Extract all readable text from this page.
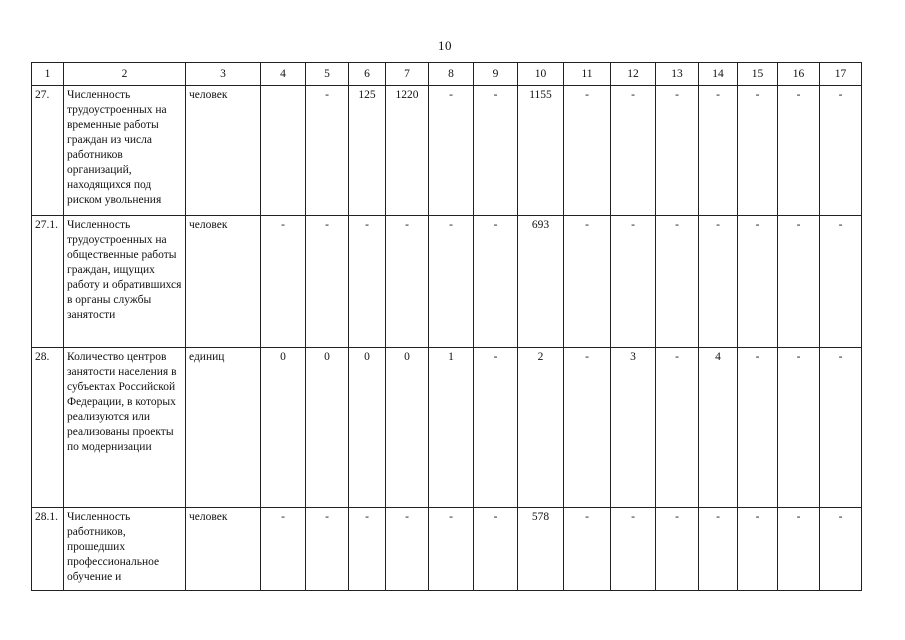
10
1	2	3	4	5	6	7	8	9	10	11	12	13	14	15	16	17
27.	Численность трудоустроенных на временные работы граждан из числа работников организаций, находящихся под риском увольнения	человек		-	125	1220	-	-	1155	-	-	-	-	-	-	-
27.1.	Численность трудоустроенных на общественные работы граждан, ищущих работу и обратившихся в органы службы занятости	человек	-	-	-	-	-	-	693	-	-	-	-	-	-	-
28.	Количество центров занятости населения в субъектах Российской Федерации, в которых реализуются или реализованы проекты по модернизации	единиц	0	0	0	0	1	-	2	-	3	-	4	-	-	-
28.1.	Численность работников, прошедших профессиональное обучение и	человек	-	-	-	-	-	-	578	-	-	-	-	-	-	-
